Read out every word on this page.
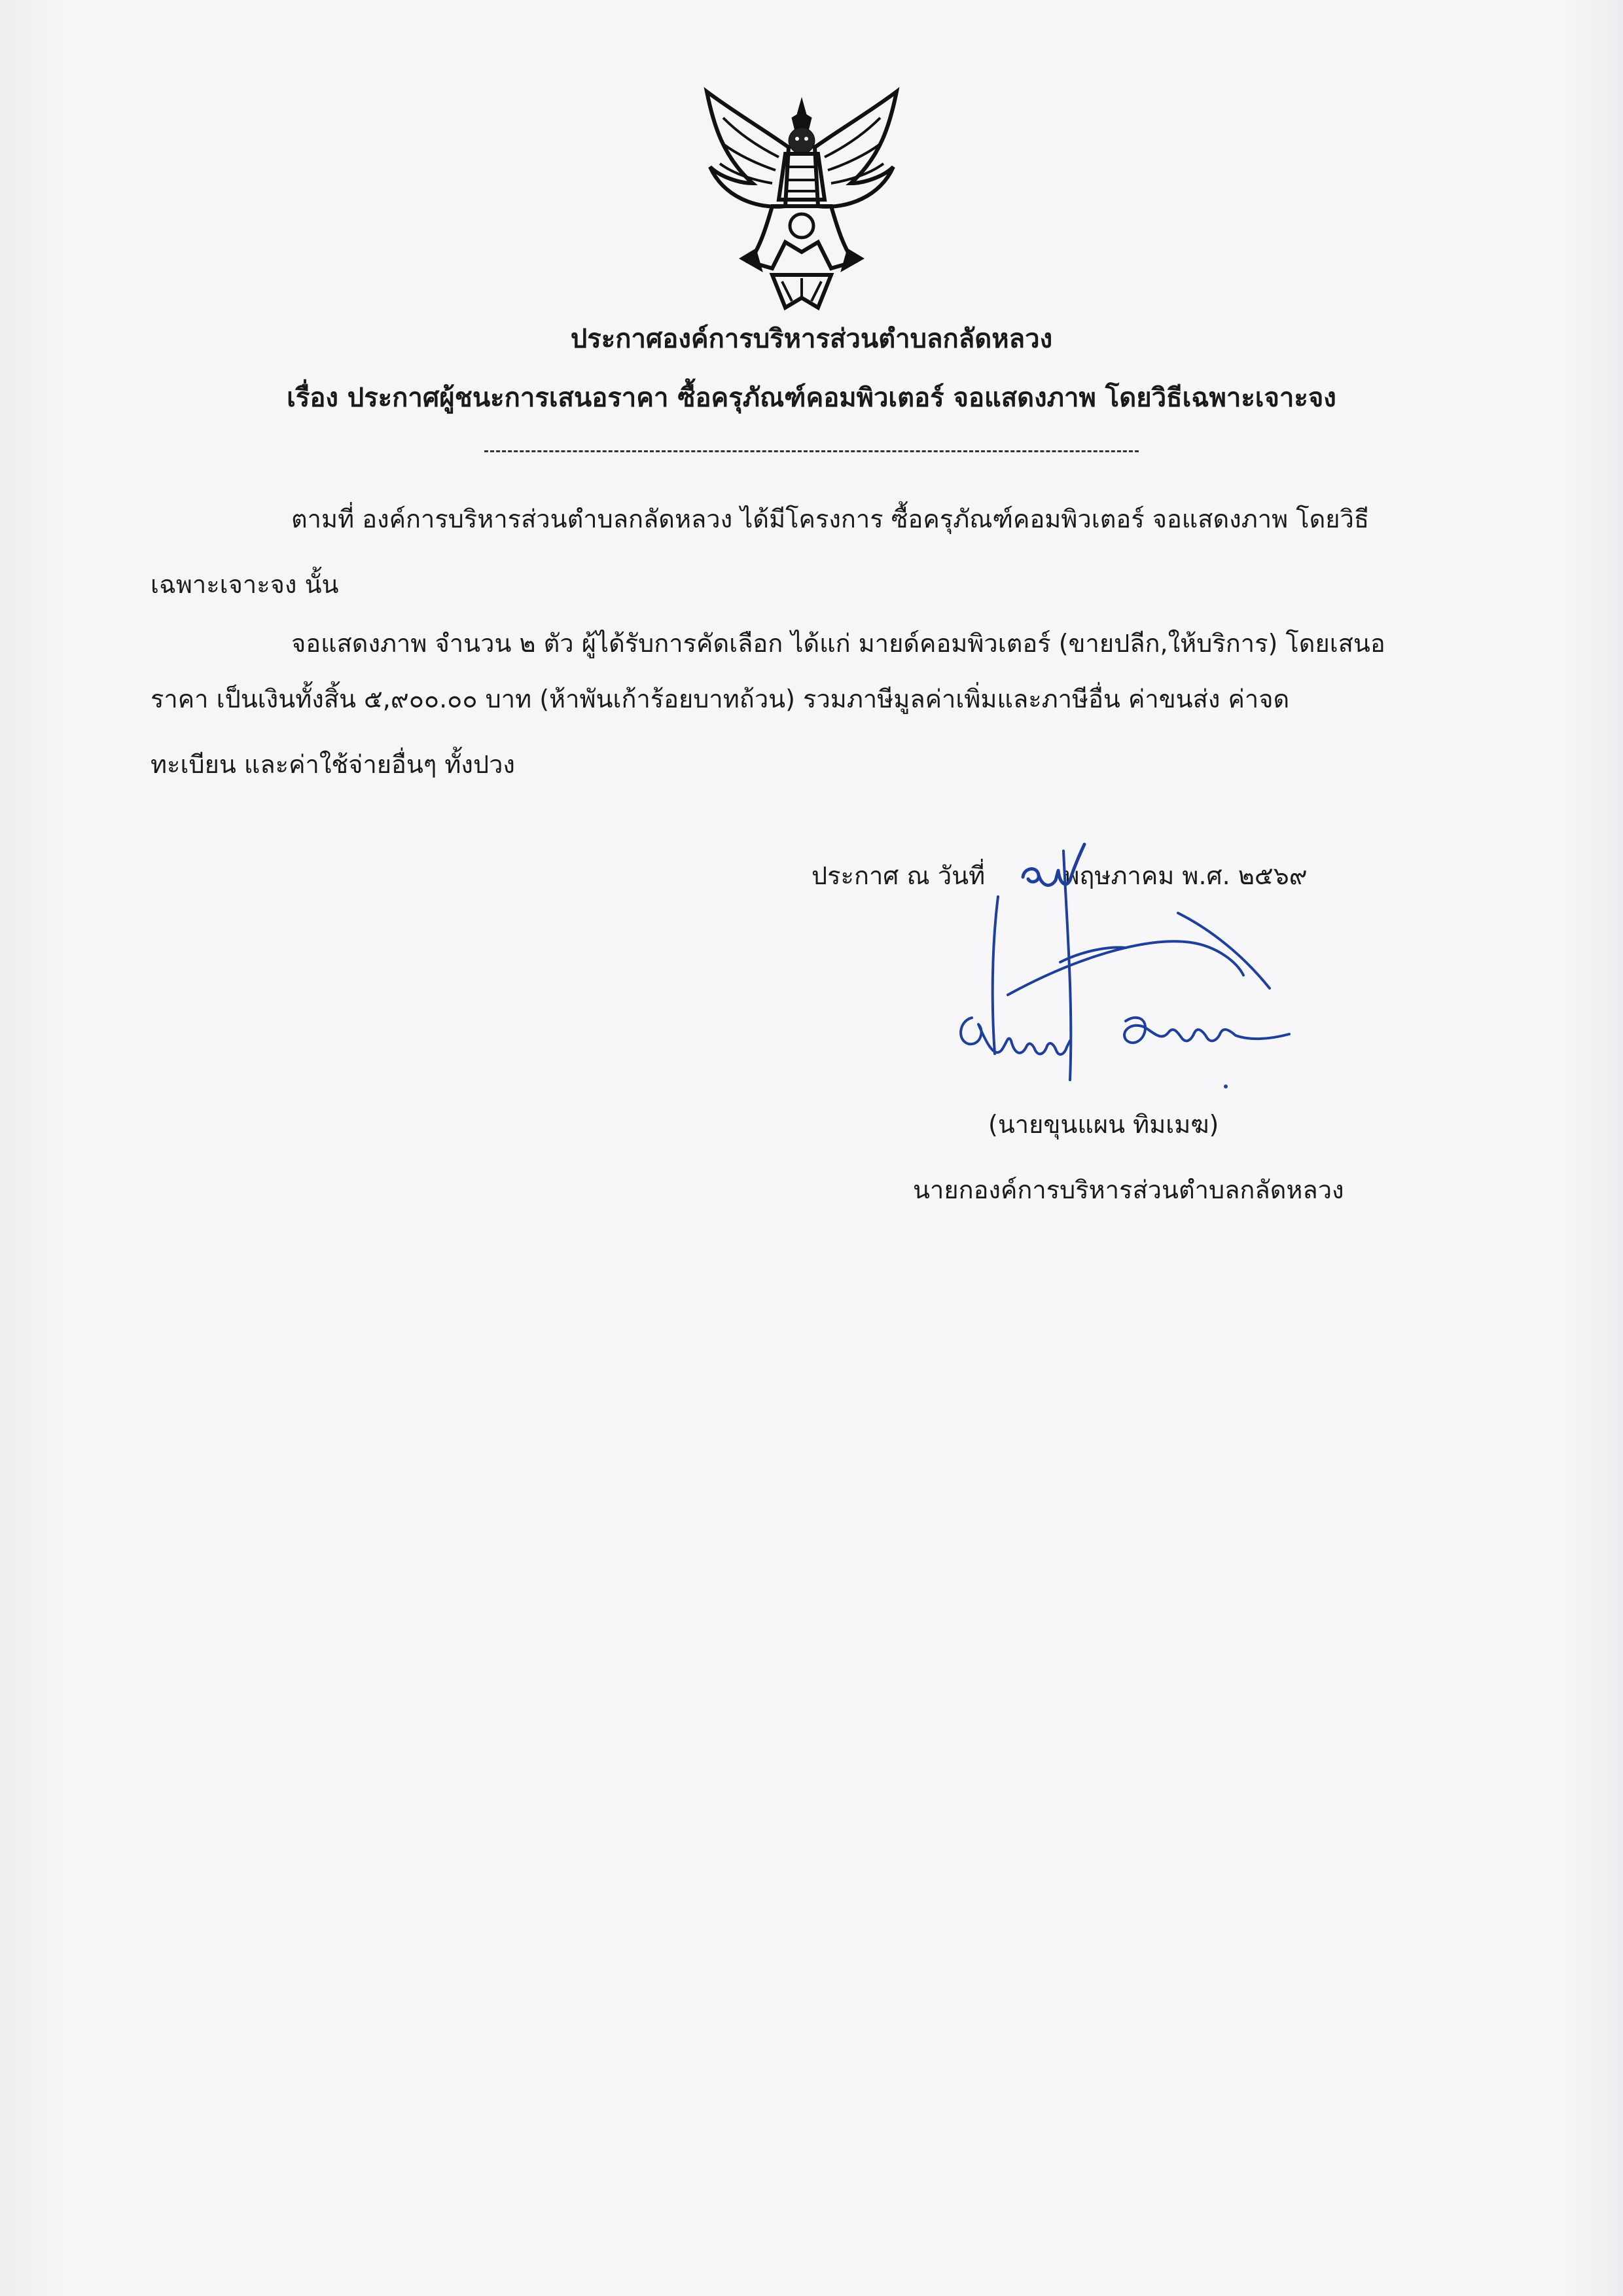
ประกาศองค์การบริหารส่วนตำบลกลัดหลวง
เรื่อง ประกาศผู้ชนะการเสนอราคา ซื้อครุภัณฑ์คอมพิวเตอร์ จอแสดงภาพ โดยวิธีเฉพาะเจาะจง
ตามที่ องค์การบริหารส่วนตำบลกลัดหลวง ได้มีโครงการ ซื้อครุภัณฑ์คอมพิวเตอร์ จอแสดงภาพ โดยวิธี
เฉพาะเจาะจง นั้น
จอแสดงภาพ จำนวน ๒ ตัว ผู้ได้รับการคัดเลือก ได้แก่ มายด์คอมพิวเตอร์ (ขายปลีก,ให้บริการ) โดยเสนอ
ราคา เป็นเงินทั้งสิ้น ๕,๙๐๐.๐๐ บาท (ห้าพันเก้าร้อยบาทถ้วน) รวมภาษีมูลค่าเพิ่มและภาษีอื่น ค่าขนส่ง ค่าจด
ทะเบียน และค่าใช้จ่ายอื่นๆ ทั้งปวง
ประกาศ ณ วันที่	พฤษภาคม พ.ศ. ๒๕๖๙
(นายขุนแผน ทิมเมฆ)
นายกองค์การบริหารส่วนตำบลกลัดหลวง
